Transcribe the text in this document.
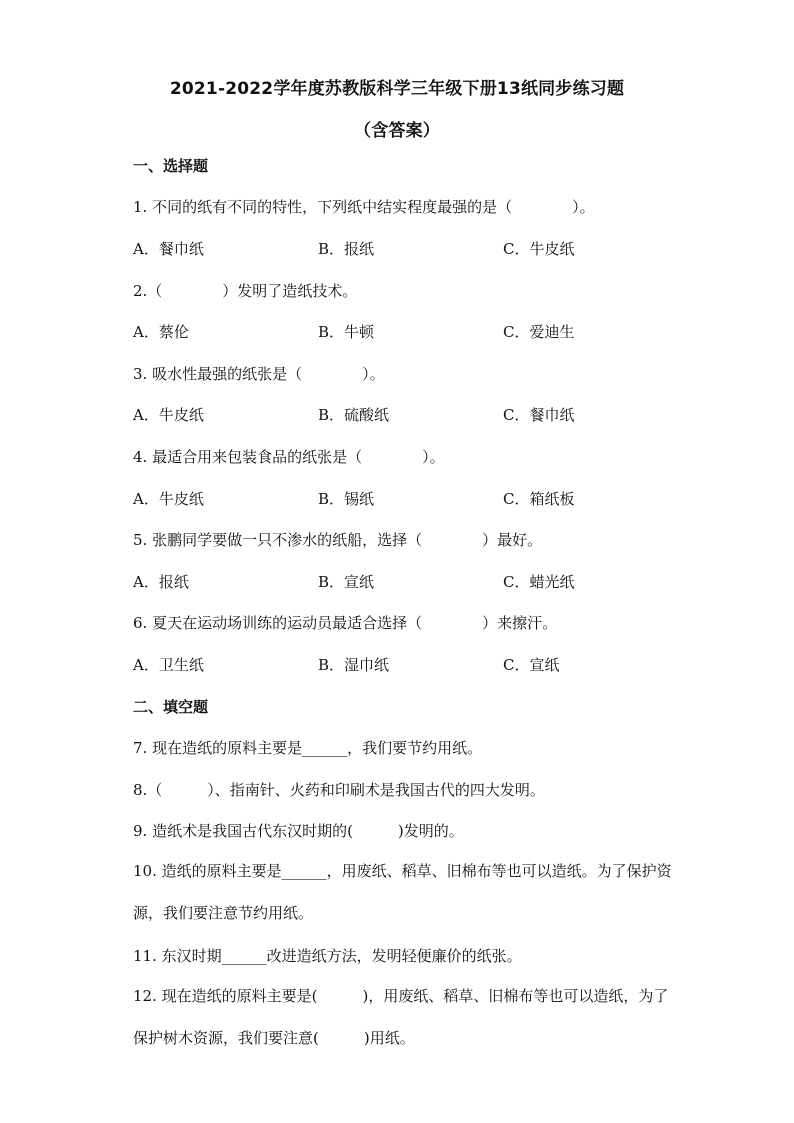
2021-2022学年度苏教版科学三年级下册13纸同步练习题
（含答案）
一、选择题
1. 不同的纸有不同的特性，下列纸中结实程度最强的是（　　　　）。
A．餐巾纸	B．报纸	C．牛皮纸
2.（　　　　）发明了造纸技术。
A．蔡伦	B．牛顿	C．爱迪生
3. 吸水性最强的纸张是（　　　　）。
A．牛皮纸	B．硫酸纸	C．餐巾纸
4. 最适合用来包装食品的纸张是（　　　　）。
A．牛皮纸	B．锡纸	C．箱纸板
5. 张鹏同学要做一只不渗水的纸船，选择（　　　　）最好。
A．报纸	B．宣纸	C．蜡光纸
6. 夏天在运动场训练的运动员最适合选择（　　　　）来擦汗。
A．卫生纸	B．湿巾纸	C．宣纸
二、填空题
7. 现在造纸的原料主要是______，我们要节约用纸。
8.（　　　）、指南针、火药和印刷术是我国古代的四大发明。
9. 造纸术是我国古代东汉时期的(　　　)发明的。
10. 造纸的原料主要是______，用废纸、稻草、旧棉布等也可以造纸。为了保护资源，我们要注意节约用纸。
11. 东汉时期______改进造纸方法，发明轻便廉价的纸张。
12. 现在造纸的原料主要是(　　　)，用废纸、稻草、旧棉布等也可以造纸，为了保护树木资源，我们要注意(　　　)用纸。
